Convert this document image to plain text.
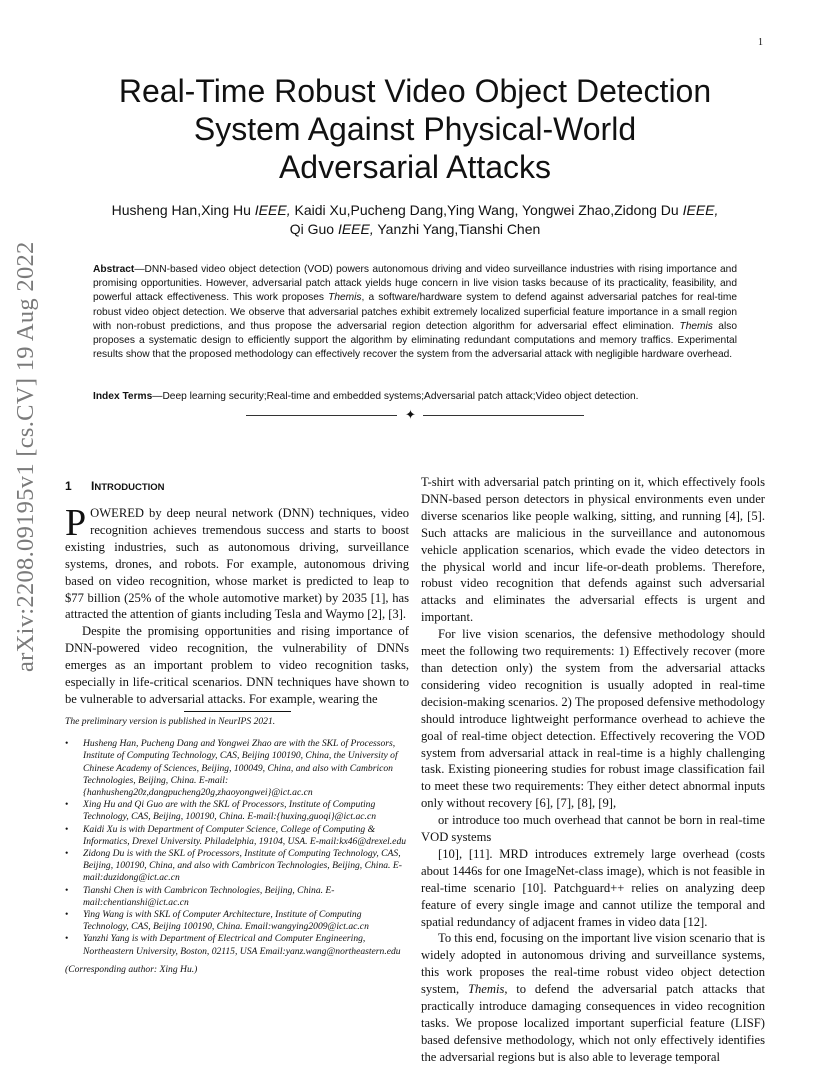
1
arXiv:2208.09195v1 [cs.CV] 19 Aug 2022
Real-Time Robust Video Object Detection
System Against Physical-World
Adversarial Attacks
Husheng Han,Xing Hu IEEE, Kaidi Xu,Pucheng Dang,Ying Wang, Yongwei Zhao,Zidong Du IEEE,
Qi Guo IEEE, Yanzhi Yang,Tianshi Chen
Abstract—DNN-based video object detection (VOD) powers autonomous driving and video surveillance industries with rising importance and promising opportunities. However, adversarial patch attack yields huge concern in live vision tasks because of its practicality, feasibility, and powerful attack effectiveness. This work proposes Themis, a software/hardware system to defend against adversarial patches for real-time robust video object detection. We observe that adversarial patches exhibit extremely localized superficial feature importance in a small region with non-robust predictions, and thus propose the adversarial region detection algorithm for adversarial effect elimination. Themis also proposes a systematic design to efficiently support the algorithm by eliminating redundant computations and memory traffics. Experimental results show that the proposed methodology can effectively recover the system from the adversarial attack with negligible hardware overhead.
Index Terms—Deep learning security;Real-time and embedded systems;Adversarial patch attack;Video object detection.
✦
1 INTRODUCTION

POWERED by deep neural network (DNN) techniques, video recognition achieves tremendous success and starts to boost existing industries, such as autonomous driving, surveillance systems, drones, and robots. For example, autonomous driving based on video recognition, whose market is predicted to leap to $77 billion (25% of the whole automotive market) by 2035 [1], has attracted the attention of giants including Tesla and Waymo [2], [3].

Despite the promising opportunities and rising importance of DNN-powered video recognition, the vulnerability of DNNs emerges as an important problem to video recognition tasks, especially in life-critical scenarios. DNN techniques have shown to be vulnerable to adversarial attacks. For example, wearing the

The preliminary version is published in NeurIPS 2021.

• Husheng Han, Pucheng Dang and Yongwei Zhao are with the SKL of Processors, Institute of Computing Technology, CAS, Beijing 100190, China, the University of Chinese Academy of Sciences, Beijing, 100049, China, and also with Cambricon Technologies, Beijing, China. E-mail:{hanhusheng20z,dangpucheng20g,zhaoyongwei}@ict.ac.cn
• Xing Hu and Qi Guo are with the SKL of Processors, Institute of Computing Technology, CAS, Beijing, 100190, China. E-mail:{huxing,guoqi}@ict.ac.cn
• Kaidi Xu is with Department of Computer Science, College of Computing & Informatics, Drexel University. Philadelphia, 19104, USA. E-mail:kx46@drexel.edu
• Zidong Du is with the SKL of Processors, Institute of Computing Technology, CAS, Beijing, 100190, China, and also with Cambricon Technologies, Beijing, China. E-mail:duzidong@ict.ac.cn
• Tianshi Chen is with Cambricon Technologies, Beijing, China. E-mail:chentianshi@ict.ac.cn
• Ying Wang is with SKL of Computer Architecture, Institute of Computing Technology, CAS, Beijing 100190, China. Email:wangying2009@ict.ac.cn
• Yanzhi Yang is with Department of Electrical and Computer Engineering, Northeastern University, Boston, 02115, USA Email:yanz.wang@northeastern.edu

(Corresponding author: Xing Hu.)

T-shirt with adversarial patch printing on it, which effectively fools DNN-based person detectors in physical environments even under diverse scenarios like people walking, sitting, and running [4], [5]. Such attacks are malicious in the surveillance and autonomous vehicle application scenarios, which evade the video detectors in the physical world and incur life-or-death problems. Therefore, robust video recognition that defends against such adversarial attacks and eliminates the adversarial effects is urgent and important.

For live vision scenarios, the defensive methodology should meet the following two requirements: 1) Effectively recover (more than detection only) the system from the adversarial attacks considering video recognition is usually adopted in real-time decision-making scenarios. 2) The proposed defensive methodology should introduce lightweight performance overhead to achieve the goal of real-time object detection. Effectively recovering the VOD system from adversarial attack in real-time is a highly challenging task. Existing pioneering studies for robust image classification fail to meet these two requirements: They either detect abnormal inputs only without recovery [6], [7], [8], [9],

or introduce too much overhead that cannot be born in real-time VOD systems

[10], [11]. MRD introduces extremely large overhead (costs about 1446s for one ImageNet-class image), which is not feasible in real-time scenario [10]. Patchguard++ relies on analyzing deep feature of every single image and cannot utilize the temporal and spatial redundancy of adjacent frames in video data [12].

To this end, focusing on the important live vision scenario that is widely adopted in autonomous driving and surveillance systems, this work proposes the real-time robust video object detection system, Themis, to defend the adversarial patch attacks that practically introduce damaging consequences in video recognition tasks. We propose localized important superficial feature (LISF) based defensive methodology, which not only effectively identifies the adversarial regions but is also able to leverage temporal
